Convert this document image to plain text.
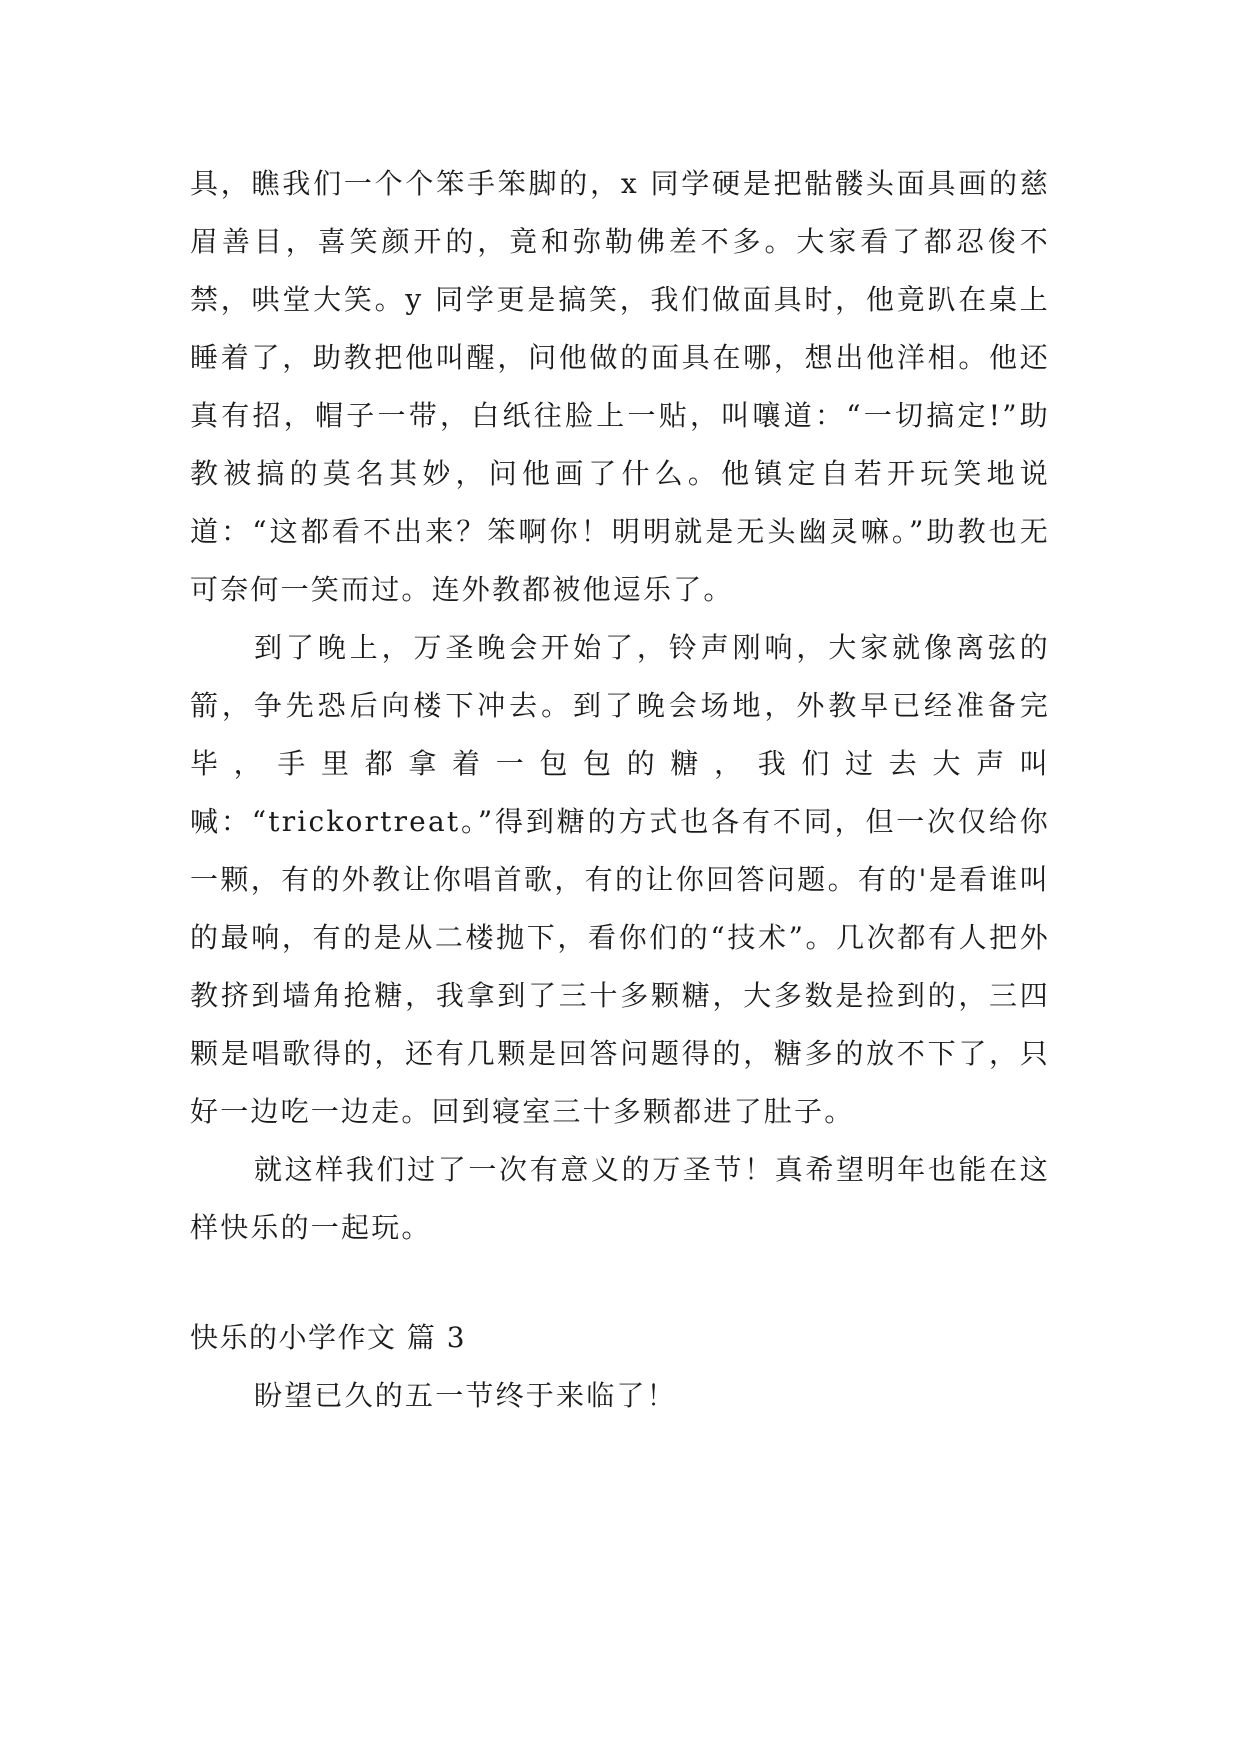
具，瞧我们一个个笨手笨脚的，x 同学硬是把骷髅头面具画的慈眉善目，喜笑颜开的，竟和弥勒佛差不多。大家看了都忍俊不禁，哄堂大笑。y 同学更是搞笑，我们做面具时，他竟趴在桌上睡着了，助教把他叫醒，问他做的面具在哪，想出他洋相。他还真有招，帽子一带，白纸往脸上一贴，叫嚷道：“一切搞定!”助教被搞的莫名其妙，问他画了什么。他镇定自若开玩笑地说道：“这都看不出来？笨啊你！明明就是无头幽灵嘛。”助教也无可奈何一笑而过。连外教都被他逗乐了。

到了晚上，万圣晚会开始了，铃声刚响，大家就像离弦的箭，争先恐后向楼下冲去。到了晚会场地，外教早已经准备完毕，手里都拿着一包包的糖，我们过去大声叫喊：“trickortreat。”得到糖的方式也各有不同，但一次仅给你一颗，有的外教让你唱首歌，有的让你回答问题。有的'是看谁叫的最响，有的是从二楼抛下，看你们的“技术”。几次都有人把外教挤到墙角抢糖，我拿到了三十多颗糖，大多数是捡到的，三四颗是唱歌得的，还有几颗是回答问题得的，糖多的放不下了，只好一边吃一边走。回到寝室三十多颗都进了肚子。

就这样我们过了一次有意义的万圣节！真希望明年也能在这样快乐的一起玩。

快乐的小学作文 篇 3

盼望已久的五一节终于来临了！
